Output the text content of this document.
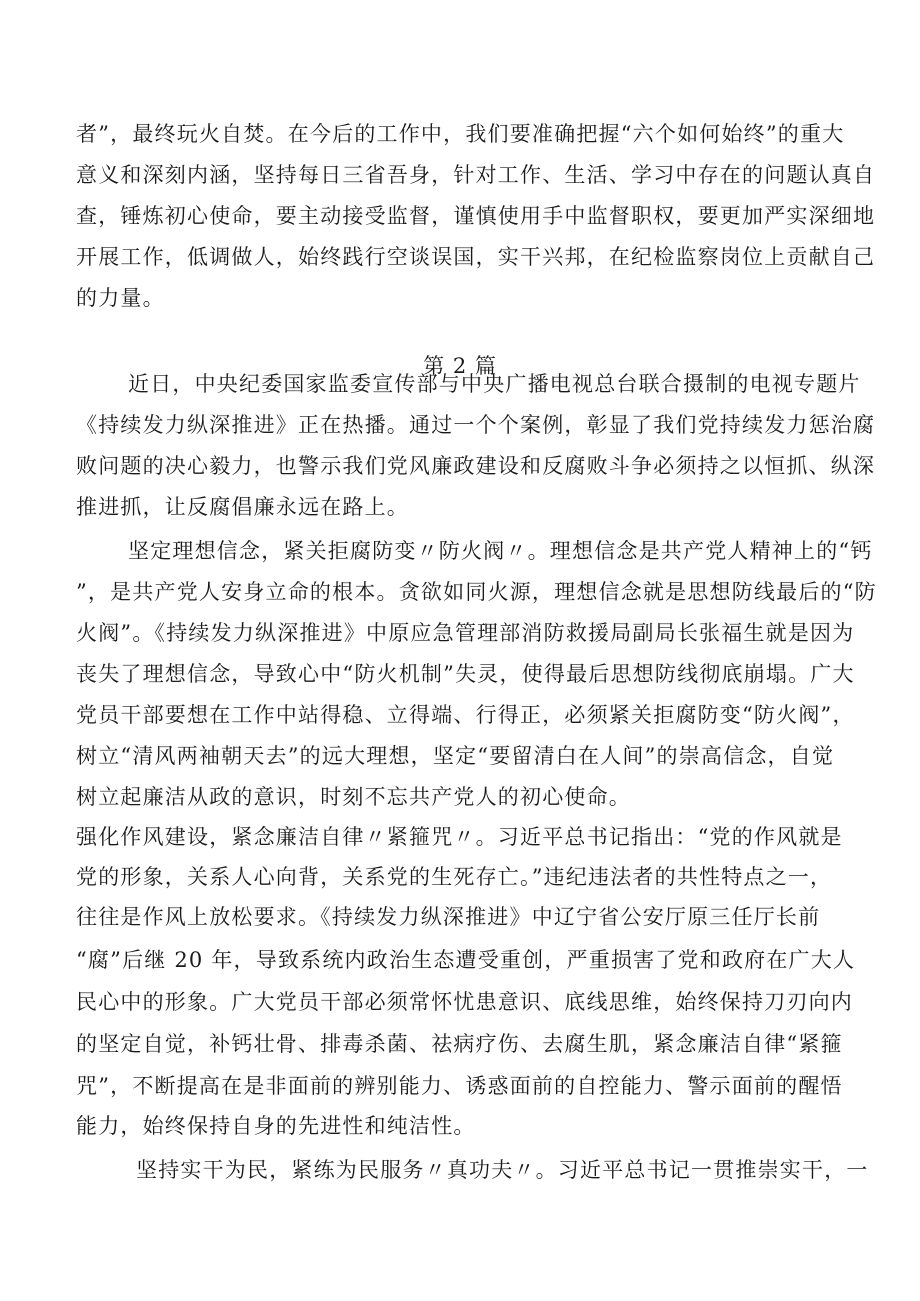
者”，最终玩火自焚。在今后的工作中，我们要准确把握“六个如何始终”的重大
意义和深刻内涵，坚持每日三省吾身，针对工作、生活、学习中存在的问题认真自
查，锤炼初心使命，要主动接受监督，谨慎使用手中监督职权，要更加严实深细地
开展工作，低调做人，始终践行空谈误国，实干兴邦，在纪检监察岗位上贡献自己
的力量。
第 2 篇
近日，中央纪委国家监委宣传部与中央广播电视总台联合摄制的电视专题片
《持续发力纵深推进》正在热播。通过一个个案例，彰显了我们党持续发力惩治腐
败问题的决心毅力，也警示我们党风廉政建设和反腐败斗争必须持之以恒抓、纵深
推进抓，让反腐倡廉永远在路上。
坚定理想信念，紧关拒腐防变〃防火阀〃。理想信念是共产党人精神上的“钙
”，是共产党人安身立命的根本。贪欲如同火源，理想信念就是思想防线最后的“防
火阀”。《持续发力纵深推进》中原应急管理部消防救援局副局长张福生就是因为
丧失了理想信念，导致心中“防火机制”失灵，使得最后思想防线彻底崩塌。广大
党员干部要想在工作中站得稳、立得端、行得正，必须紧关拒腐防变“防火阀”，
树立“清风两袖朝天去”的远大理想，坚定“要留清白在人间”的崇高信念，自觉
树立起廉洁从政的意识，时刻不忘共产党人的初心使命。
强化作风建设，紧念廉洁自律〃紧箍咒〃。习近平总书记指出：“党的作风就是
党的形象，关系人心向背，关系党的生死存亡。”违纪违法者的共性特点之一，
往往是作风上放松要求。《持续发力纵深推进》中辽宁省公安厅原三任厅长前
“腐”后继 20 年，导致系统内政治生态遭受重创，严重损害了党和政府在广大人
民心中的形象。广大党员干部必须常怀忧患意识、底线思维，始终保持刀刃向内
的坚定自觉，补钙壮骨、排毒杀菌、祛病疗伤、去腐生肌，紧念廉洁自律“紧箍
咒”，不断提高在是非面前的辨别能力、诱惑面前的自控能力、警示面前的醒悟
能力，始终保持自身的先进性和纯洁性。
坚持实干为民，紧练为民服务〃真功夫〃。习近平总书记一贯推崇实干，一
